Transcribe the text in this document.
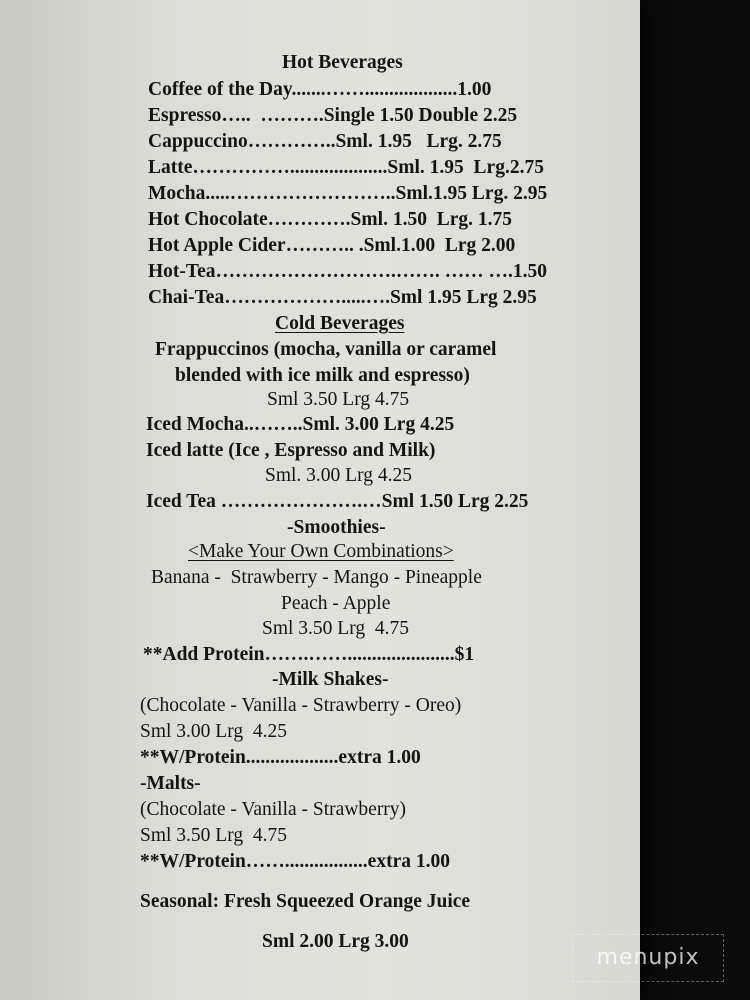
Hot Beverages
Coffee of the Day.......……...................1.00
Espresso…..  ……….Single 1.50 Double 2.25
Cappuccino…………..Sml. 1.95   Lrg. 2.75
Latte……………....................Sml. 1.95  Lrg.2.75
Mocha.....……………………..Sml.1.95 Lrg. 2.95
Hot Chocolate………….Sml. 1.50  Lrg. 1.75
Hot Apple Cider……….. .Sml.1.00  Lrg 2.00
Hot-Tea……………………….……. …… ….1.50
Chai-Tea……………….....….Sml 1.95 Lrg 2.95
Cold Beverages
Frappuccinos (mocha, vanilla or caramel
blended with ice milk and espresso)
Sml 3.50 Lrg 4.75
Iced Mocha..……..Sml. 3.00 Lrg 4.25
Iced latte (Ice , Espresso and Milk)
Sml. 3.00 Lrg 4.25
Iced Tea ………………….…Sml 1.50 Lrg 2.25
-Smoothies-
<Make Your Own Combinations>
Banana -  Strawberry - Mango - Pineapple
Peach - Apple
Sml 3.50 Lrg  4.75
**Add Protein…….……......................$1
-Milk Shakes-
(Chocolate - Vanilla - Strawberry - Oreo)
Sml 3.00 Lrg  4.25
**W/Protein...................extra 1.00
-Malts-
(Chocolate - Vanilla - Strawberry)
Sml 3.50 Lrg  4.75
**W/Protein…….................extra 1.00
Seasonal: Fresh Squeezed Orange Juice
Sml 2.00 Lrg 3.00
menupix
